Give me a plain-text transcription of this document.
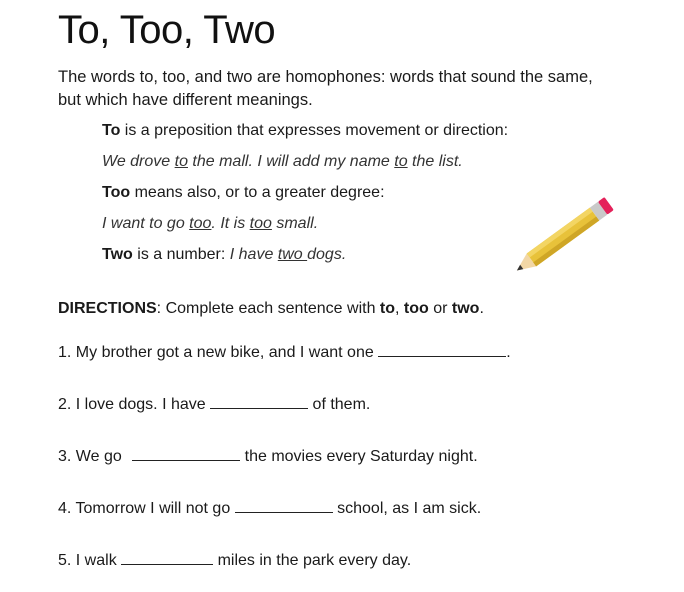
To, Too, Two

The words to, too, and two are homophones: words that sound the same, but which have different meanings.

To is a preposition that expresses movement or direction:
We drove to the mall. I will add my name to the list.
Too means also, or to a greater degree:
I want to go too. It is too small.
Two is a number: I have two dogs.
DIRECTIONS: Complete each sentence with to, too or two.
1. My brother got a new bike, and I want one	.
2. I love dogs. I have	of them.
3. We go	the movies every Saturday night.
4. Tomorrow I will not go	school, as I am sick.
5. I walk	miles in the park every day.
